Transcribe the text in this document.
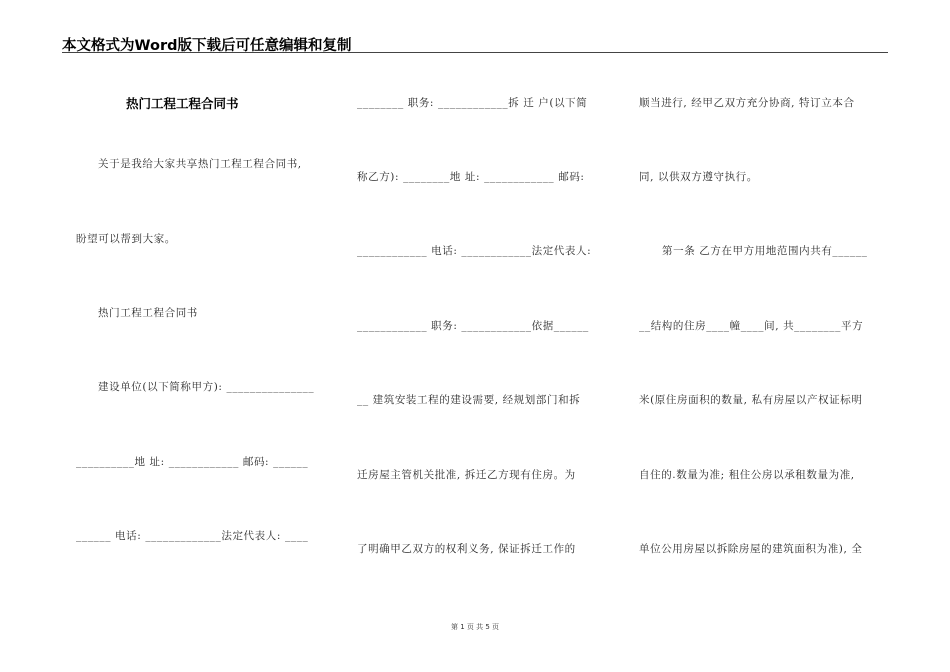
本文格式为Word版下载后可任意编辑和复制
热门工程工程合同书
关于是我给大家共享热门工程工程合同书,
盼望可以帮到大家。
热门工程工程合同书
建设单位(以下简称甲方): _______________
__________地 址: ____________ 邮码: ______
______ 电话: _____________法定代表人: ____
________ 职务: ____________拆 迁 户(以下简
称乙方): ________地 址: ____________ 邮码:
____________ 电话: ____________法定代表人:
____________ 职务: ____________依据______
__ 建筑安装工程的建设需要, 经规划部门和拆
迁房屋主管机关批准, 拆迁乙方现有住房。为
了明确甲乙双方的权利义务, 保证拆迁工作的
顺当进行, 经甲乙双方充分协商, 特订立本合
同, 以供双方遵守执行。
第一条 乙方在甲方用地范围内共有______
__结构的住房____幢____间, 共________平方
米(原住房面积的数量, 私有房屋以产权证标明
自住的.数量为准; 租住公房以承租数量为准,
单位公用房屋以拆除房屋的建筑面积为准), 全
第 1 页 共 5 页
